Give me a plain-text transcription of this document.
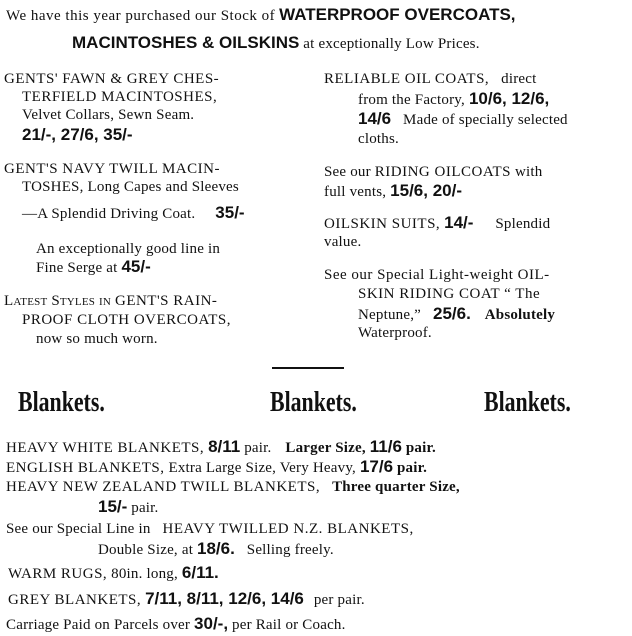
We have this year purchased our Stock of WATERPROOF OVERCOATS,
MACINTOSHES & OILSKINS at exceptionally Low Prices.
GENTS' FAWN & GREY CHES-
TERFIELD MACINTOSHES,
Velvet Collars, Sewn Seam.
21/-, 27/6, 35/-
GENT'S NAVY TWILL MACIN-
TOSHES, Long Capes and Sleeves
—A Splendid Driving Coat. 35/-
An exceptionally good line in
Fine Serge at 45/-
Latest Styles in GENT'S RAIN-
PROOF CLOTH OVERCOATS,
now so much worn.
RELIABLE OIL COATS, direct
from the Factory, 10/6, 12/6,
14/6 Made of specially selected
cloths.
See our RIDING OILCOATS with
full vents, 15/6, 20/-
OILSKIN SUITS, 14/- Splendid
value.
See our Special Light-weight OIL-
SKIN RIDING COAT “ The
Neptune,” 25/6. Absolutely
Waterproof.
Blankets.	Blankets.	Blankets.
HEAVY WHITE BLANKETS, 8/11 pair. Larger Size, 11/6 pair.
ENGLISH BLANKETS, Extra Large Size, Very Heavy, 17/6 pair.
HEAVY NEW ZEALAND TWILL BLANKETS, Three quarter Size,
15/- pair.
See our Special Line in HEAVY TWILLED N.Z. BLANKETS,
Double Size, at 18/6. Selling freely.
WARM RUGS, 80in. long, 6/11.
GREY BLANKETS, 7/11, 8/11, 12/6, 14/6 per pair.
Carriage Paid on Parcels over 30/-, per Rail or Coach.
